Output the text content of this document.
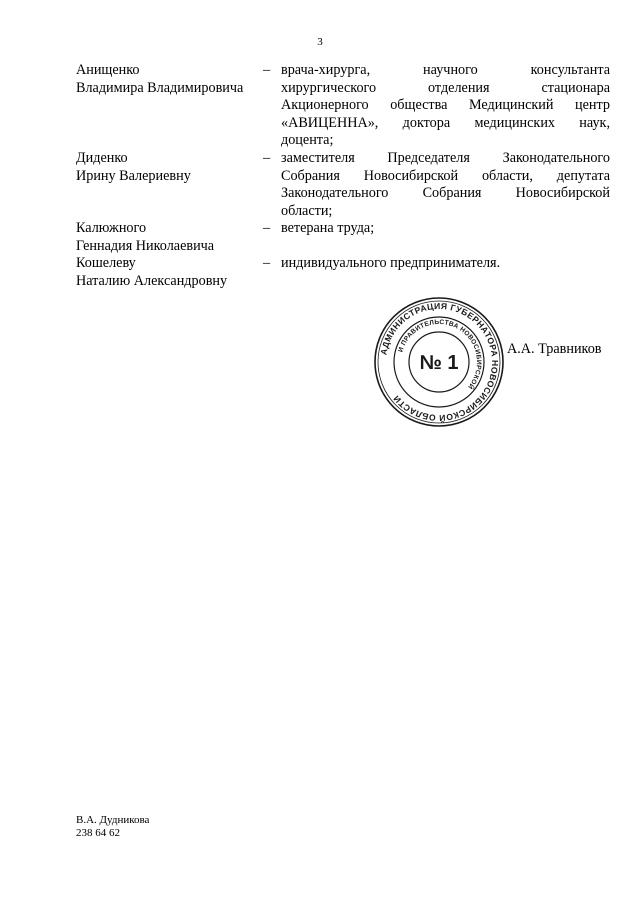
3
Анищенко
Владимира Владимировича
– врача-хирурга, научного консультанта
хирургического отделения стационара
Акционерного общества Медицинский центр
«АВИЦЕННА», доктора медицинских наук,
доцента;
Диденко
Ирину Валериевну
– заместителя Председателя Законодательного
Собрания Новосибирской области, депутата
Законодательного Собрания Новосибирской
области;
Калюжного
Геннадия Николаевича
– ветерана труда;
Кошелеву
Наталию Александровну
– индивидуального предпринимателя.
АДМИНИСТРАЦИЯ ГУБЕРНАТОРА НОВОСИБИРСКОЙ ОБЛАСТИ
И ПРАВИТЕЛЬСТВА НОВОСИБИРСКОЙ
№ 1
А.А. Травников
В.А. Дудникова
238 64 62
